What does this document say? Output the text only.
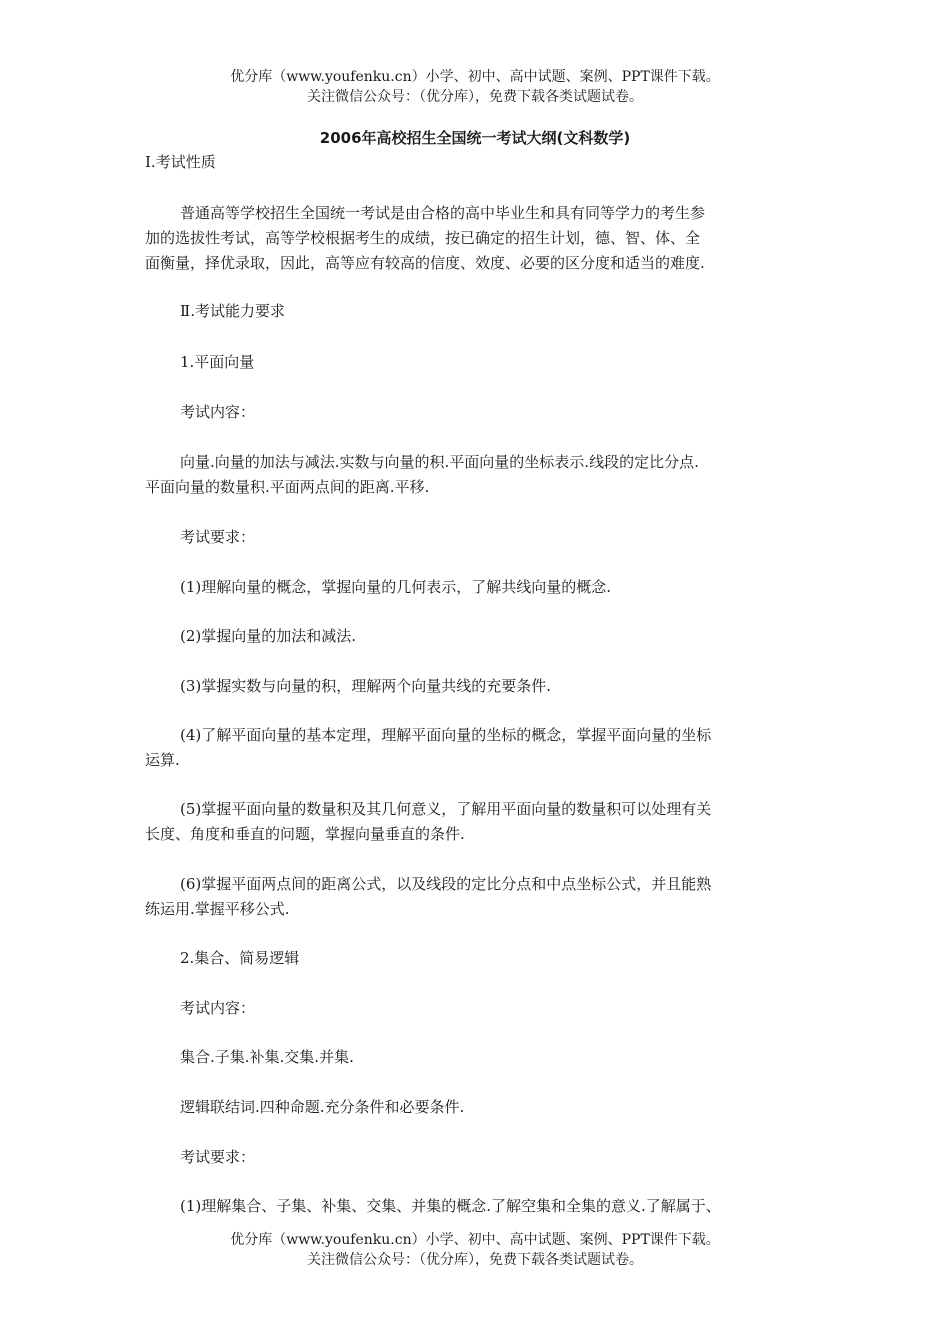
优分库（www.youfenku.cn）小学、初中、高中试题、案例、PPT课件下载。
关注微信公众号：（优分库），免费下载各类试题试卷。
2006年高校招生全国统一考试大纲(文科数学)
Ⅰ.考试性质
普通高等学校招生全国统一考试是由合格的高中毕业生和具有同等学力的考生参
加的选拔性考试，高等学校根据考生的成绩，按已确定的招生计划，德、智、体、全
面衡量，择优录取，因此，高等应有较高的信度、效度、必要的区分度和适当的难度.
Ⅱ.考试能力要求
1.平面向量
考试内容：
向量.向量的加法与减法.实数与向量的积.平面向量的坐标表示.线段的定比分点.
平面向量的数量积.平面两点间的距离.平移.
考试要求：
(1)理解向量的概念，掌握向量的几何表示，了解共线向量的概念.
(2)掌握向量的加法和减法.
(3)掌握实数与向量的积，理解两个向量共线的充要条件.
(4)了解平面向量的基本定理，理解平面向量的坐标的概念，掌握平面向量的坐标
运算.
(5)掌握平面向量的数量积及其几何意义，了解用平面向量的数量积可以处理有关
长度、角度和垂直的问题，掌握向量垂直的条件.
(6)掌握平面两点间的距离公式，以及线段的定比分点和中点坐标公式，并且能熟
练运用.掌握平移公式.
2.集合、简易逻辑
考试内容：
集合.子集.补集.交集.并集.
逻辑联结词.四种命题.充分条件和必要条件.
考试要求：
(1)理解集合、子集、补集、交集、并集的概念.了解空集和全集的意义.了解属于、
优分库（www.youfenku.cn）小学、初中、高中试题、案例、PPT课件下载。
关注微信公众号：（优分库），免费下载各类试题试卷。
